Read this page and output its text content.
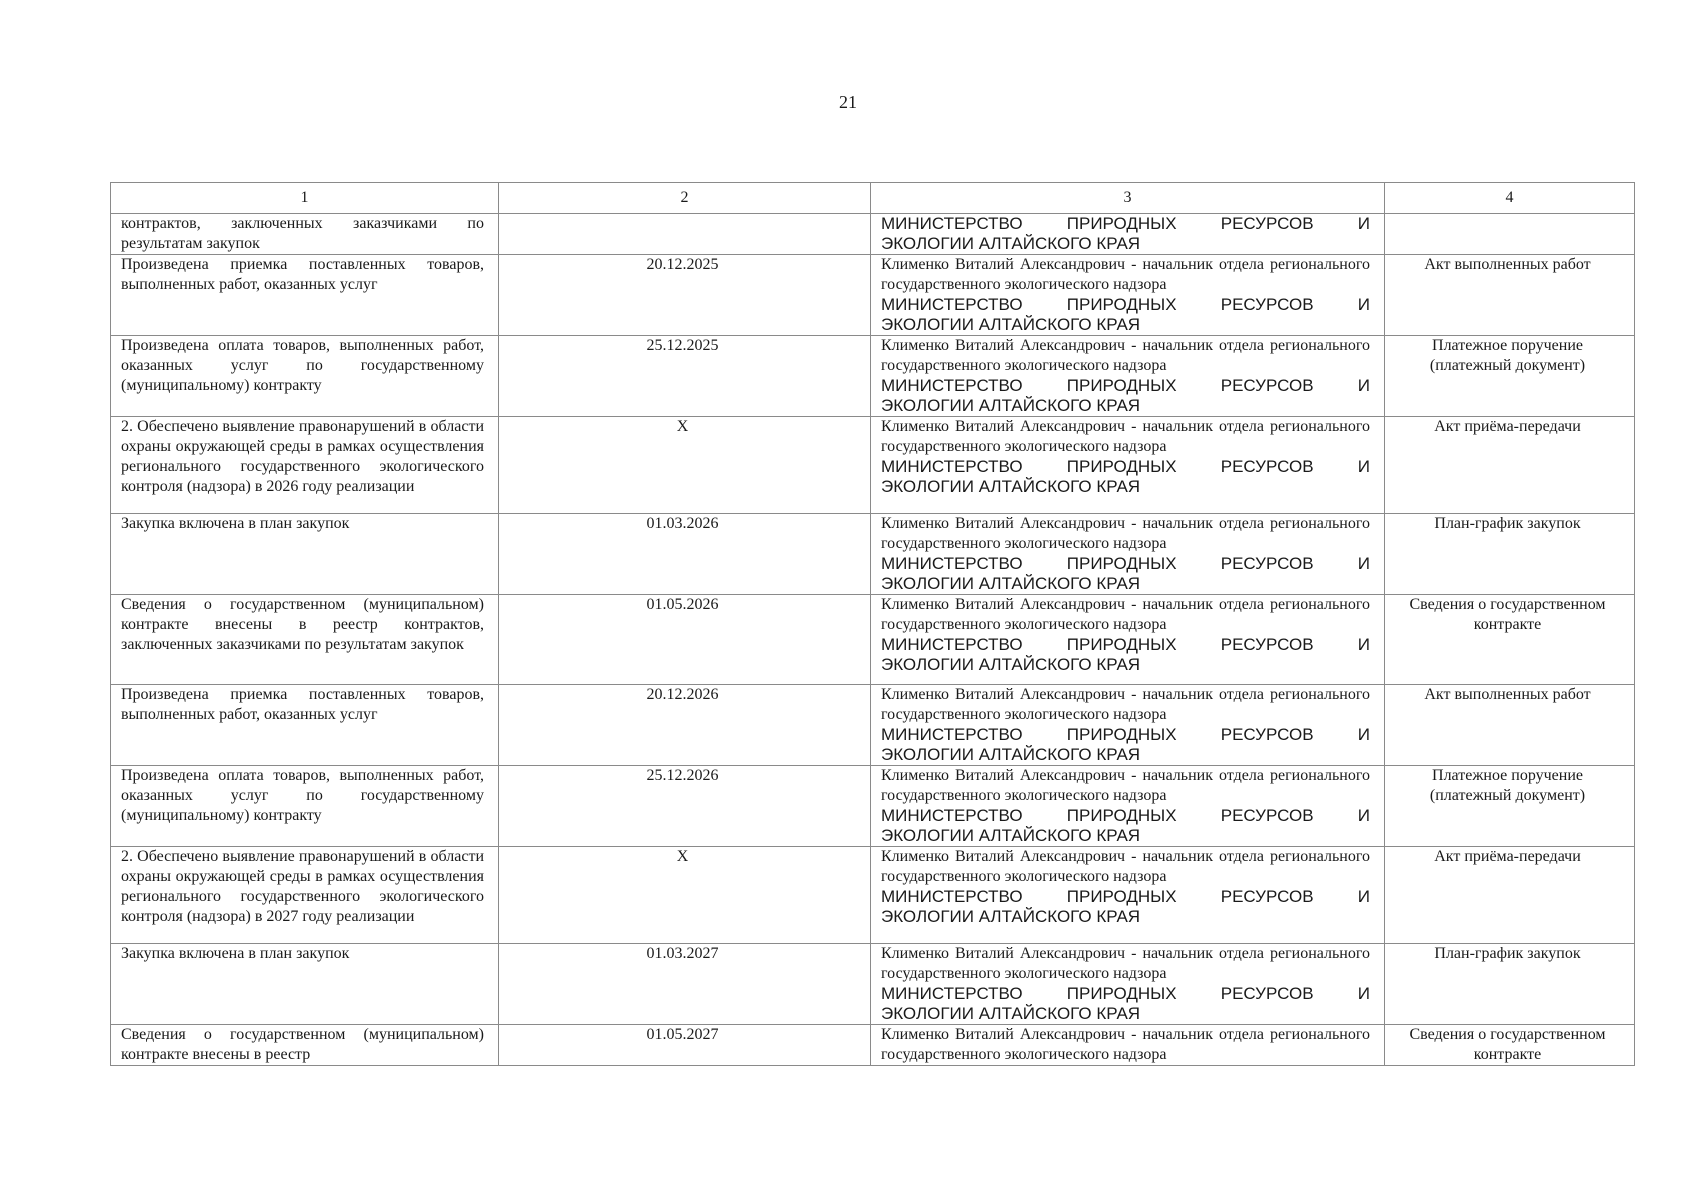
21
1	2	3	4
контрактов, заключенных заказчиками по результатам закупок		МИНИСТЕРСТВО ПРИРОДНЫХ РЕСУРСОВ И
ЭКОЛОГИИ АЛТАЙСКОГО КРАЯ	

Произведена приемка поставленных товаров, выполненных работ, оказанных услуг	20.12.2025	Клименко Виталий Александрович - начальник отдела регионального государственного экологического надзора
МИНИСТЕРСТВО ПРИРОДНЫХ РЕСУРСОВ И
ЭКОЛОГИИ АЛТАЙСКОГО КРАЯ	Акт выполненных работ
Произведена оплата товаров, выполненных работ, оказанных услуг по государственному (муниципальному) контракту	25.12.2025	Клименко Виталий Александрович - начальник отдела регионального государственного экологического надзора
МИНИСТЕРСТВО ПРИРОДНЫХ РЕСУРСОВ И
ЭКОЛОГИИ АЛТАЙСКОГО КРАЯ	Платежное поручение (платежный документ)
2. Обеспечено выявление правонарушений в области охраны окружающей среды в рамках осуществления регионального государственного экологического контроля (надзора) в 2026 году реализации	X	Клименко Виталий Александрович - начальник отдела регионального государственного экологического надзора
МИНИСТЕРСТВО ПРИРОДНЫХ РЕСУРСОВ И
ЭКОЛОГИИ АЛТАЙСКОГО КРАЯ	Акт приёма-передачи
Закупка включена в план закупок	01.03.2026	Клименко Виталий Александрович - начальник отдела регионального государственного экологического надзора
МИНИСТЕРСТВО ПРИРОДНЫХ РЕСУРСОВ И
ЭКОЛОГИИ АЛТАЙСКОГО КРАЯ	План-график закупок
Сведения о государственном (муниципальном) контракте внесены в реестр контрактов, заключенных заказчиками по результатам закупок	01.05.2026	Клименко Виталий Александрович - начальник отдела регионального государственного экологического надзора
МИНИСТЕРСТВО ПРИРОДНЫХ РЕСУРСОВ И
ЭКОЛОГИИ АЛТАЙСКОГО КРАЯ	Сведения о государственном контракте
Произведена приемка поставленных товаров, выполненных работ, оказанных услуг	20.12.2026	Клименко Виталий Александрович - начальник отдела регионального государственного экологического надзора
МИНИСТЕРСТВО ПРИРОДНЫХ РЕСУРСОВ И
ЭКОЛОГИИ АЛТАЙСКОГО КРАЯ	Акт выполненных работ
Произведена оплата товаров, выполненных работ, оказанных услуг по государственному (муниципальному) контракту	25.12.2026	Клименко Виталий Александрович - начальник отдела регионального государственного экологического надзора
МИНИСТЕРСТВО ПРИРОДНЫХ РЕСУРСОВ И
ЭКОЛОГИИ АЛТАЙСКОГО КРАЯ	Платежное поручение (платежный документ)
2. Обеспечено выявление правонарушений в области охраны окружающей среды в рамках осуществления регионального государственного экологического контроля (надзора) в 2027 году реализации	X	Клименко Виталий Александрович - начальник отдела регионального государственного экологического надзора
МИНИСТЕРСТВО ПРИРОДНЫХ РЕСУРСОВ И
ЭКОЛОГИИ АЛТАЙСКОГО КРАЯ	Акт приёма-передачи
Закупка включена в план закупок	01.03.2027	Клименко Виталий Александрович - начальник отдела регионального государственного экологического надзора
МИНИСТЕРСТВО ПРИРОДНЫХ РЕСУРСОВ И
ЭКОЛОГИИ АЛТАЙСКОГО КРАЯ	План-график закупок
Сведения о государственном (муниципальном) контракте внесены в реестр	01.05.2027	Клименко Виталий Александрович - начальник отдела регионального государственного экологического надзора	Сведения о государственном контракте
